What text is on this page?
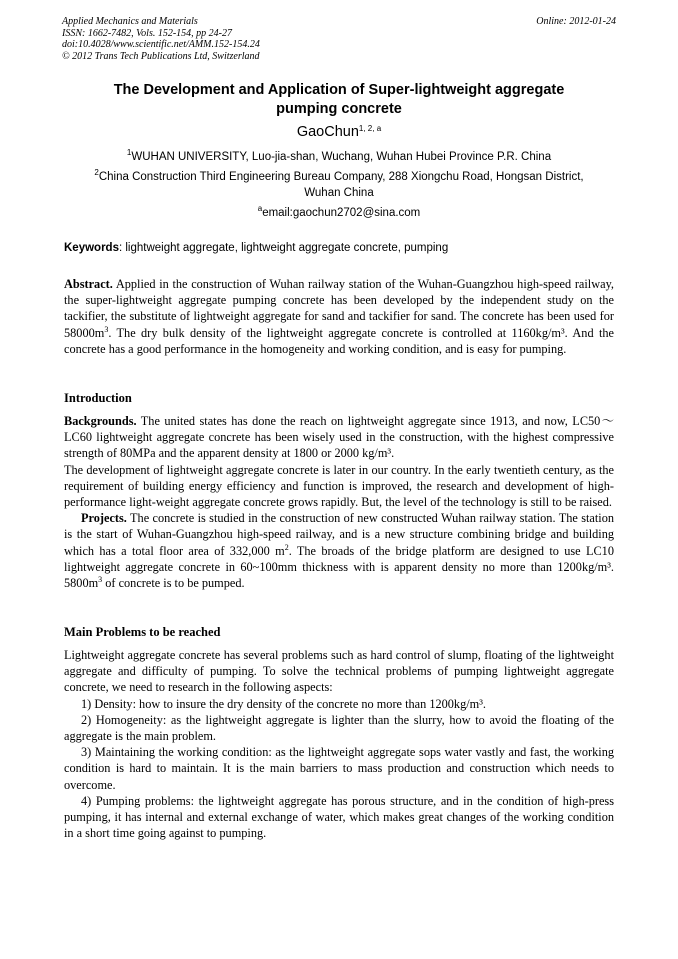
Applied Mechanics and Materials
ISSN: 1662-7482, Vols. 152-154, pp 24-27
doi:10.4028/www.scientific.net/AMM.152-154.24
© 2012 Trans Tech Publications Ltd, Switzerland
Online: 2012-01-24
The Development and Application of Super-lightweight aggregate
pumping concrete
GaoChun$^{1, 2, a}$
$^1$WUHAN UNIVERSITY, Luo-jia-shan, Wuchang, Wuhan Hubei Province P.R. China
$^2$China Construction Third Engineering Bureau Company, 288 Xiongchu Road, Hongsan District,
Wuhan China
$^a$email:gaochun2702@sina.com
Keywords: lightweight aggregate, lightweight aggregate concrete, pumping

Abstract. Applied in the construction of Wuhan railway station of the Wuhan-Guangzhou high-speed railway, the super-lightweight aggregate pumping concrete has been developed by the independent study on the tackifier, the substitute of lightweight aggregate for sand and tackifier for sand. The concrete has been used for $58000m^3$. The dry bulk density of the lightweight aggregate concrete is controlled at 1160kg/m³. And the concrete has a good performance in the homogeneity and working condition, and is easy for pumping.

Introduction

Backgrounds. The united states has done the reach on lightweight aggregate since 1913, and now, LC50～LC60 lightweight aggregate concrete has been wisely used in the construction, with the highest compressive strength of 80MPa and the apparent density at 1800 or 2000 kg/m³.

The development of lightweight aggregate concrete is later in our country. In the early twentieth century, as the requirement of building energy efficiency and function is improved, the research and development of high-performance light-weight aggregate concrete grows rapidly. But, the level of the technology is still to be raised.

Projects. The concrete is studied in the construction of new constructed Wuhan railway station. The station is the start of Wuhan-Guangzhou high-speed railway, and is a new structure combining bridge and building which has a total floor area of 332,000 $m^2$. The broads of the bridge platform are designed to use LC10 lightweight aggregate concrete in 60~100mm thickness with is apparent density no more than 1200kg/m³. $5800m^3$ of concrete is to be pumped.

Main Problems to be reached

Lightweight aggregate concrete has several problems such as hard control of slump, floating of the lightweight aggregate and difficulty of pumping. To solve the technical problems of pumping lightweight aggregate concrete, we need to research in the following aspects:

1) Density: how to insure the dry density of the concrete no more than 1200kg/m³.

2) Homogeneity: as the lightweight aggregate is lighter than the slurry, how to avoid the floating of the aggregate is the main problem.

3) Maintaining the working condition: as the lightweight aggregate sops water vastly and fast, the working condition is hard to maintain. It is the main barriers to mass production and construction which needs to overcome.

4) Pumping problems: the lightweight aggregate has porous structure, and in the condition of high-press pumping, it has internal and external exchange of water, which makes great changes of the working condition in a short time going against to pumping.
